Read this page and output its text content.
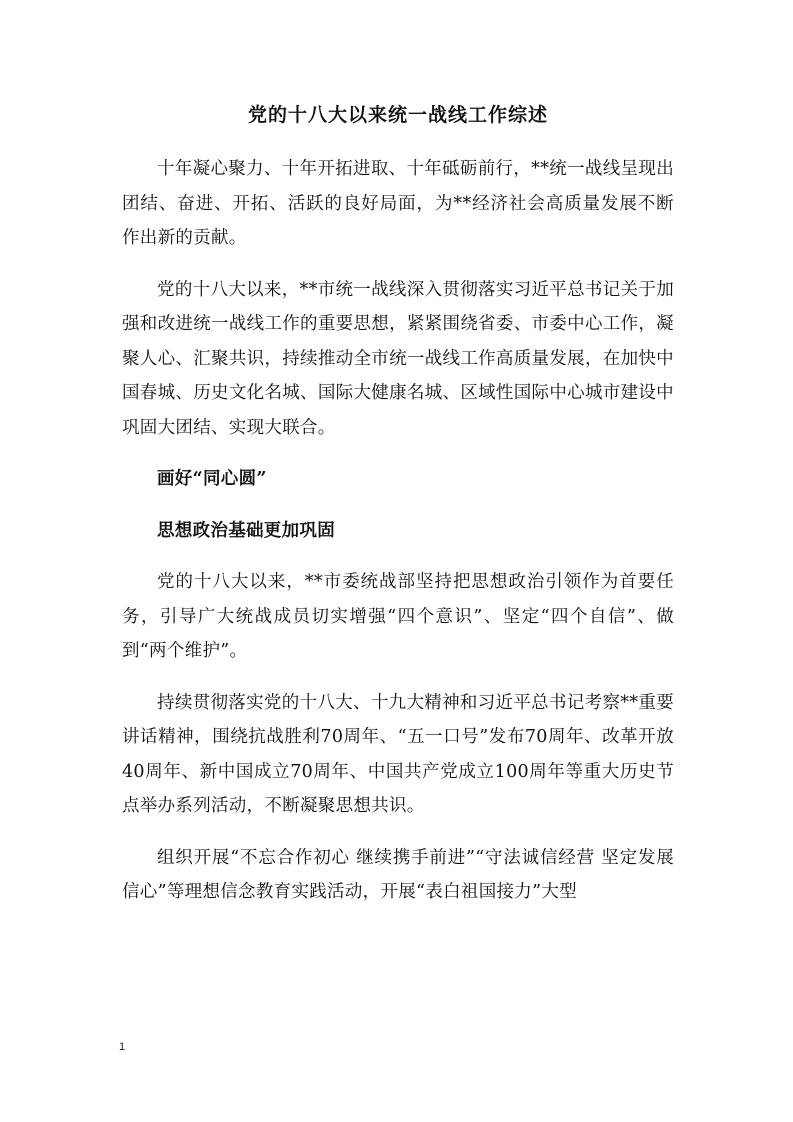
党的十八大以来统一战线工作综述

十年凝心聚力、十年开拓进取、十年砥砺前行，**统一战线呈现出团结、奋进、开拓、活跃的良好局面，为**经济社会高质量发展不断作出新的贡献。

党的十八大以来，**市统一战线深入贯彻落实习近平总书记关于加强和改进统一战线工作的重要思想，紧紧围绕省委、市委中心工作，凝聚人心、汇聚共识，持续推动全市统一战线工作高质量发展，在加快中国春城、历史文化名城、国际大健康名城、区域性国际中心城市建设中巩固大团结、实现大联合。

画好“同心圆”

思想政治基础更加巩固

党的十八大以来，**市委统战部坚持把思想政治引领作为首要任务，引导广大统战成员切实增强“四个意识”、坚定“四个自信”、做到“两个维护”。

持续贯彻落实党的十八大、十九大精神和习近平总书记考察**重要讲话精神，围绕抗战胜利70周年、“五一口号”发布70周年、改革开放40周年、新中国成立70周年、中国共产党成立100周年等重大历史节点举办系列活动，不断凝聚思想共识。

组织开展“不忘合作初心 继续携手前进”“守法诚信经营 坚定发展信心”等理想信念教育实践活动，开展“表白祖国接力”大型

1
